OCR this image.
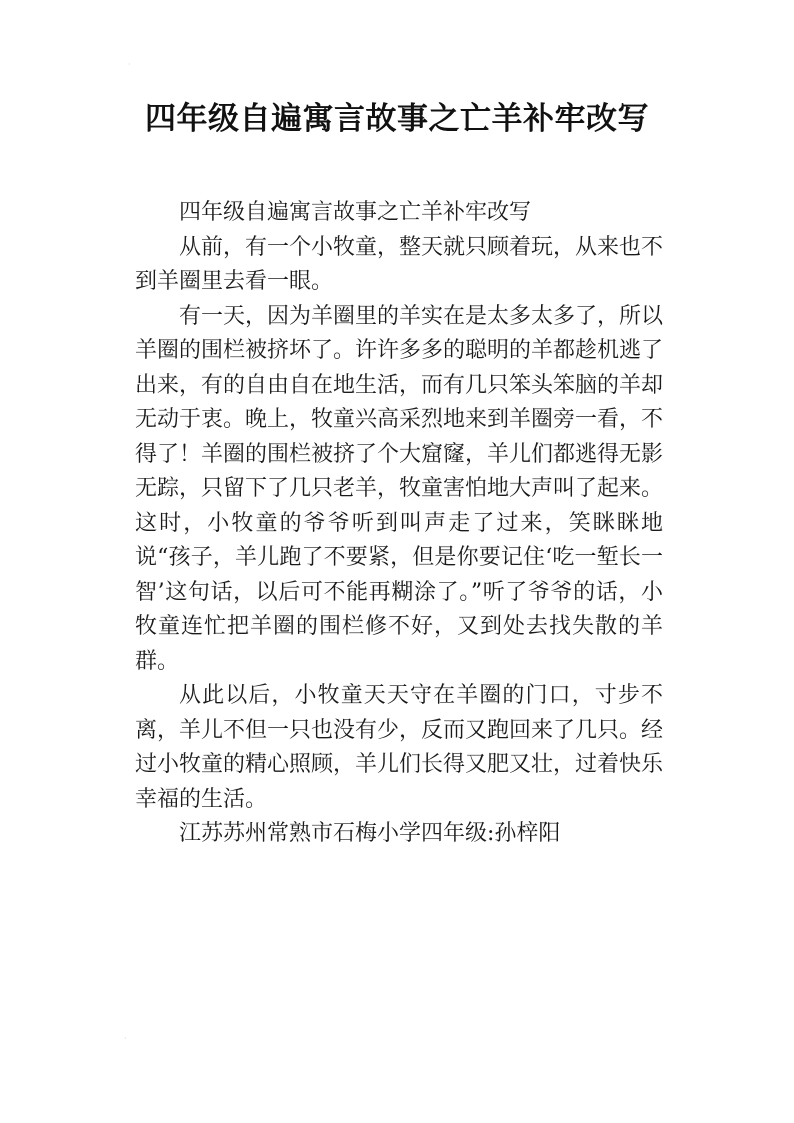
·
四年级自遍寓言故事之亡羊补牢改写

四年级自遍寓言故事之亡羊补牢改写

从前，有一个小牧童，整天就只顾着玩，从来也不到羊圈里去看一眼。

有一天，因为羊圈里的羊实在是太多太多了，所以羊圈的围栏被挤坏了。许许多多的聪明的羊都趁机逃了出来，有的自由自在地生活，而有几只笨头笨脑的羊却无动于衷。晚上，牧童兴高采烈地来到羊圈旁一看，不得了！羊圈的围栏被挤了个大窟窿，羊儿们都逃得无影无踪，只留下了几只老羊，牧童害怕地大声叫了起来。这时，小牧童的爷爷听到叫声走了过来，笑眯眯地说“孩子，羊儿跑了不要紧，但是你要记住‘吃一堑长一智’这句话，以后可不能再糊涂了。”听了爷爷的话，小牧童连忙把羊圈的围栏修不好，又到处去找失散的羊群。

从此以后，小牧童天天守在羊圈的门口，寸步不离，羊儿不但一只也没有少，反而又跑回来了几只。经过小牧童的精心照顾，羊儿们长得又肥又壮，过着快乐幸福的生活。

江苏苏州常熟市石梅小学四年级:孙梓阳

·
